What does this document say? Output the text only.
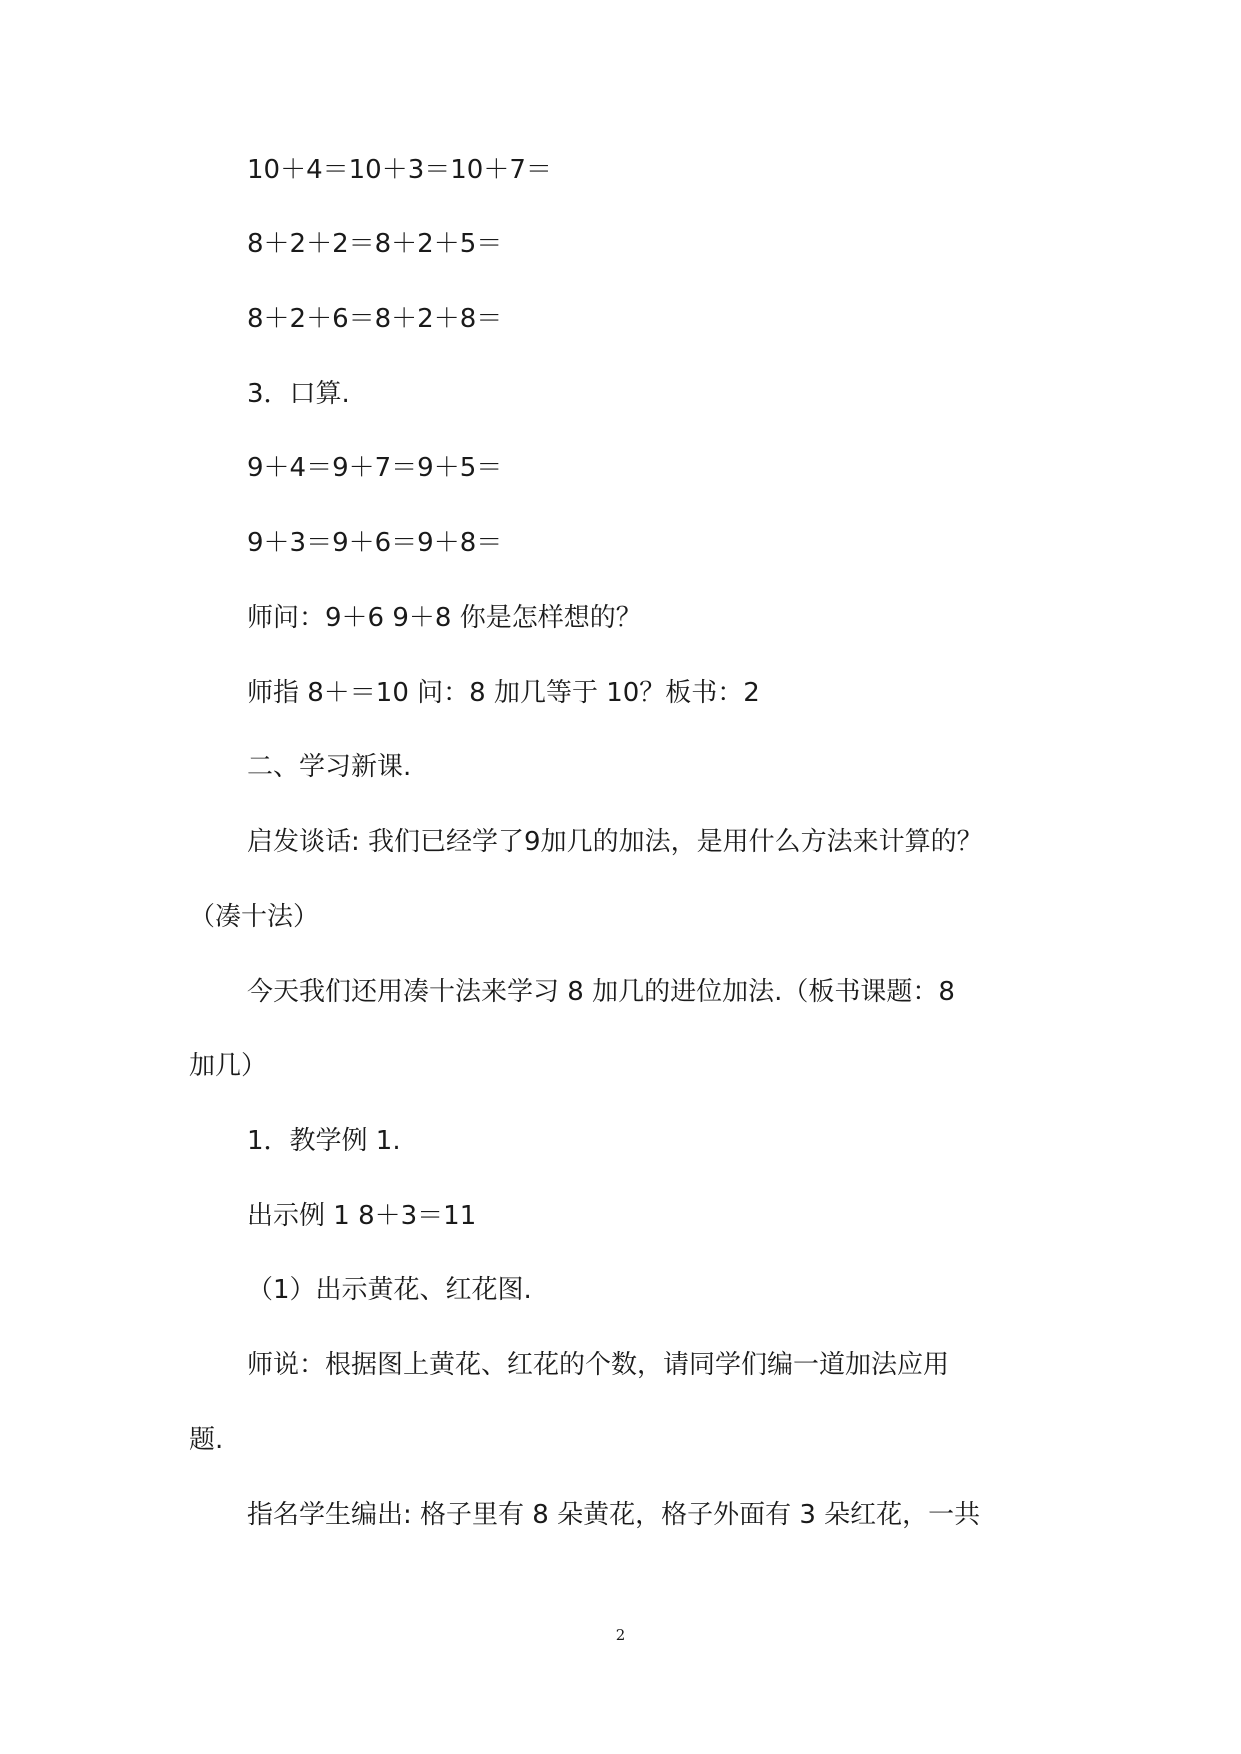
10＋4＝10＋3＝10＋7＝
8＋2＋2＝8＋2＋5＝
8＋2＋6＝8＋2＋8＝
3．口算.
9＋4＝9＋7＝9＋5＝
9＋3＝9＋6＝9＋8＝
师问：9＋6 9＋8 你是怎样想的？
师指 8＋＝10 问：8 加几等于 10？板书：2
二、学习新课.
启发谈话: 我们已经学了9加几的加法，是用什么方法来计算的？
（凑十法）
今天我们还用凑十法来学习 8 加几的进位加法.（板书课题：8
加几）
1．教学例 1.
出示例 1 8＋3＝11
（1）出示黄花、红花图.
师说：根据图上黄花、红花的个数，请同学们编一道加法应用
题.
指名学生编出: 格子里有 8 朵黄花，格子外面有 3 朵红花，一共
2
